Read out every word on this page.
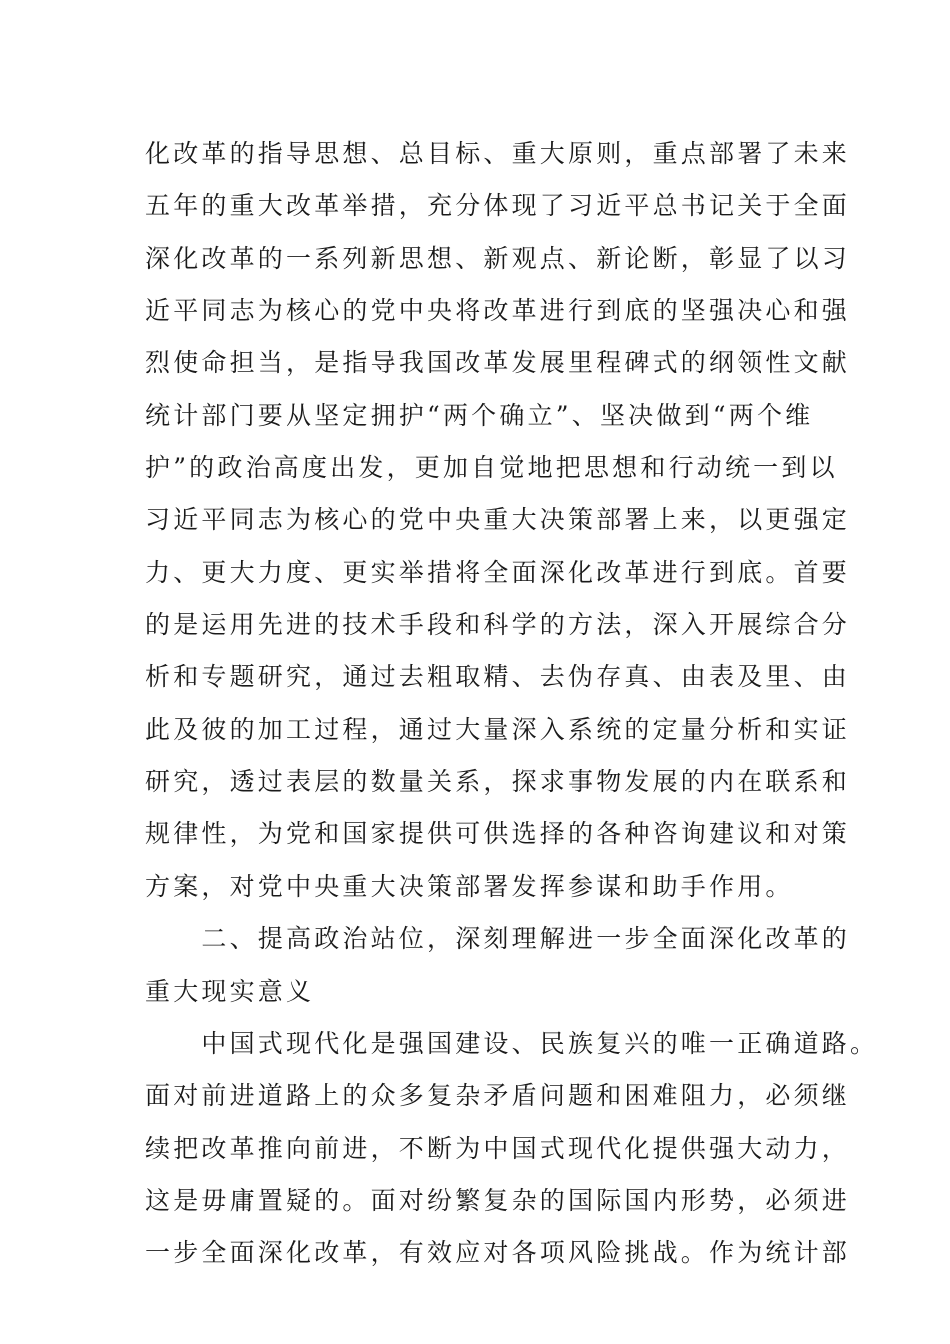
化改革的指导思想、总目标、重大原则，重点部署了未来
五年的重大改革举措，充分体现了习近平总书记关于全面
深化改革的一系列新思想、新观点、新论断，彰显了以习
近平同志为核心的党中央将改革进行到底的坚强决心和强
烈使命担当，是指导我国改革发展里程碑式的纲领性文献
统计部门要从坚定拥护“两个确立”、坚决做到“两个维
护”的政治高度出发，更加自觉地把思想和行动统一到以
习近平同志为核心的党中央重大决策部署上来，以更强定
力、更大力度、更实举措将全面深化改革进行到底。首要
的是运用先进的技术手段和科学的方法，深入开展综合分
析和专题研究，通过去粗取精、去伪存真、由表及里、由
此及彼的加工过程，通过大量深入系统的定量分析和实证
研究，透过表层的数量关系，探求事物发展的内在联系和
规律性，为党和国家提供可供选择的各种咨询建议和对策
方案，对党中央重大决策部署发挥参谋和助手作用。
　　二、提高政治站位，深刻理解进一步全面深化改革的
重大现实意义
　　中国式现代化是强国建设、民族复兴的唯一正确道路。
面对前进道路上的众多复杂矛盾问题和困难阻力，必须继
续把改革推向前进，不断为中国式现代化提供强大动力，
这是毋庸置疑的。面对纷繁复杂的国际国内形势，必须进
一步全面深化改革，有效应对各项风险挑战。作为统计部
